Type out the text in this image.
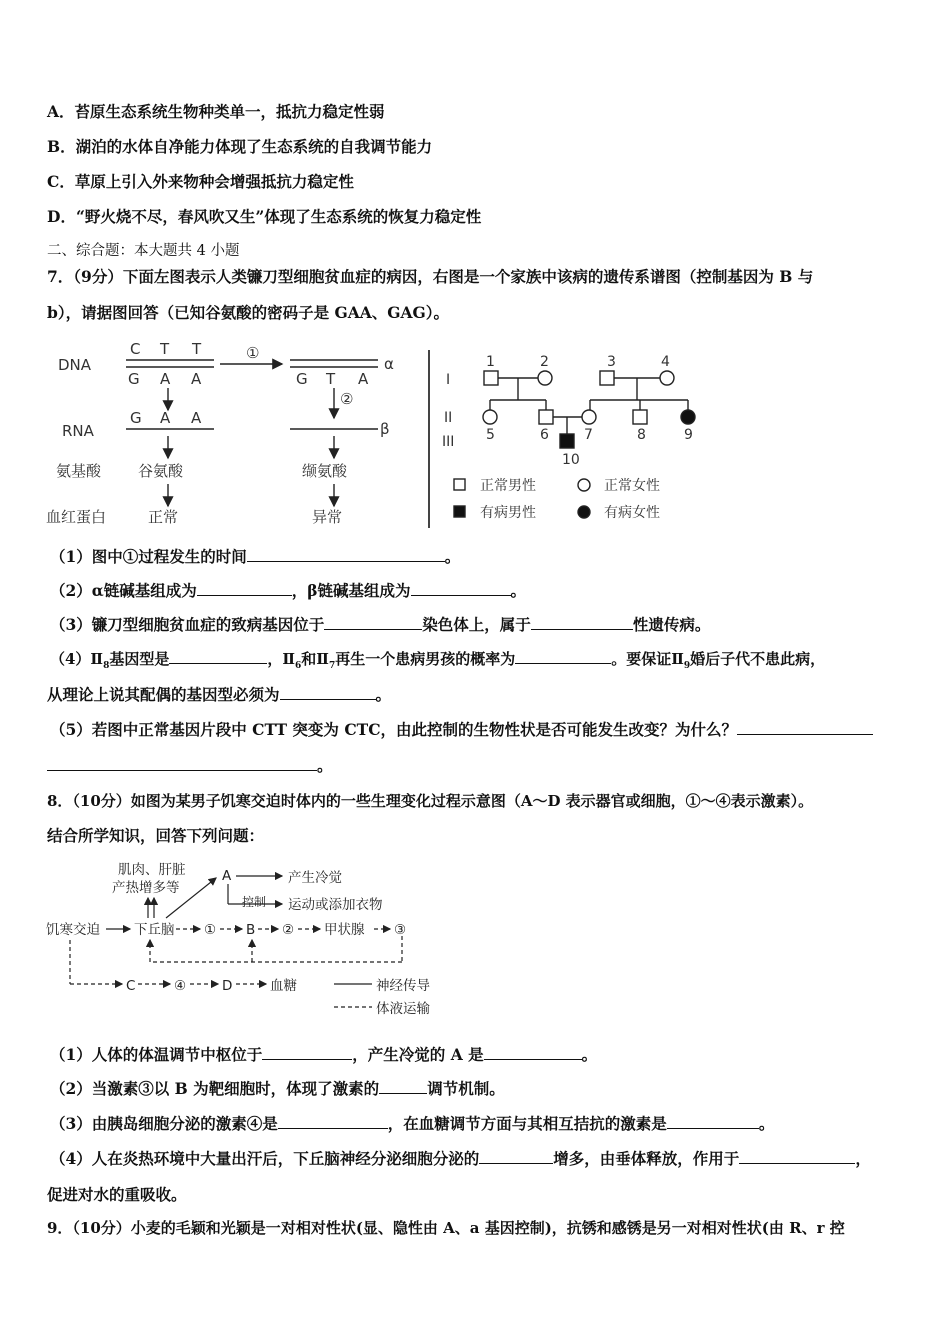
A．苔原生态系统生物种类单一，抵抗力稳定性弱
B．湖泊的水体自净能力体现了生态系统的自我调节能力
C．草原上引入外来物种会增强抵抗力稳定性
D．“野火烧不尽，春风吹又生”体现了生态系统的恢复力稳定性
二、综合题：本大题共 4 小题
7．（9分）下面左图表示人类镰刀型细胞贫血症的病因，右图是一个家族中该病的遗传系谱图（控制基因为 B 与
b），请据图回答（已知谷氨酸的密码子是 GAA、GAG）。
DNA
RNA
氨基酸
血红蛋白
C T T
G A A
①
G T A
α
G A A
②
β
谷氨酸	缬氨酸
正常	异常
I
II
III
1	2	3	4
5	6	7	8	9
10
正常男性	正常女性
有病男性	有病女性
（1）图中①过程发生的时间	。
（2）α链碱基组成为	，β链碱基组成为	。
（3）镰刀型细胞贫血症的致病基因位于	染色体上，属于	性遗传病。
$(4)Ⅱ_8$基因型是	，$Ⅱ_6$和$Ⅱ_7$再生一个患病男孩的概率为	。要保证$Ⅱ_9$婚后子代不患此病，
从理论上说其配偶的基因型必须为	。
（5）若图中正常基因片段中 CTT 突变为 CTC，由此控制的生物性状是否可能发生改变？为什么？
。
8．（10分）如图为某男子饥寒交迫时体内的一些生理变化过程示意图（A～D 表示器官或细胞，①～④表示激素）。
结合所学知识，回答下列问题：
肌肉、肝脏
产热增多等
A	产生冷觉
控制 运动或添加衣物
饥寒交迫	下丘脑 ① B ② 甲状腺 ③
C	④	D	血糖	神经传导
体液运输
（1）人体的体温调节中枢位于	，产生冷觉的 A 是	。
（2）当激素③以 B 为靶细胞时，体现了激素的	调节机制。
（3）由胰岛细胞分泌的激素④是	，在血糖调节方面与其相互拮抗的激素是	。
（4）人在炎热环境中大量出汗后，下丘脑神经分泌细胞分泌的	增多，由垂体释放，作用于	，
促进对水的重吸收。
9．（10分）小麦的毛颖和光颖是一对相对性状(显、隐性由 A、a 基因控制)，抗锈和感锈是另一对相对性状(由 R、r 控
